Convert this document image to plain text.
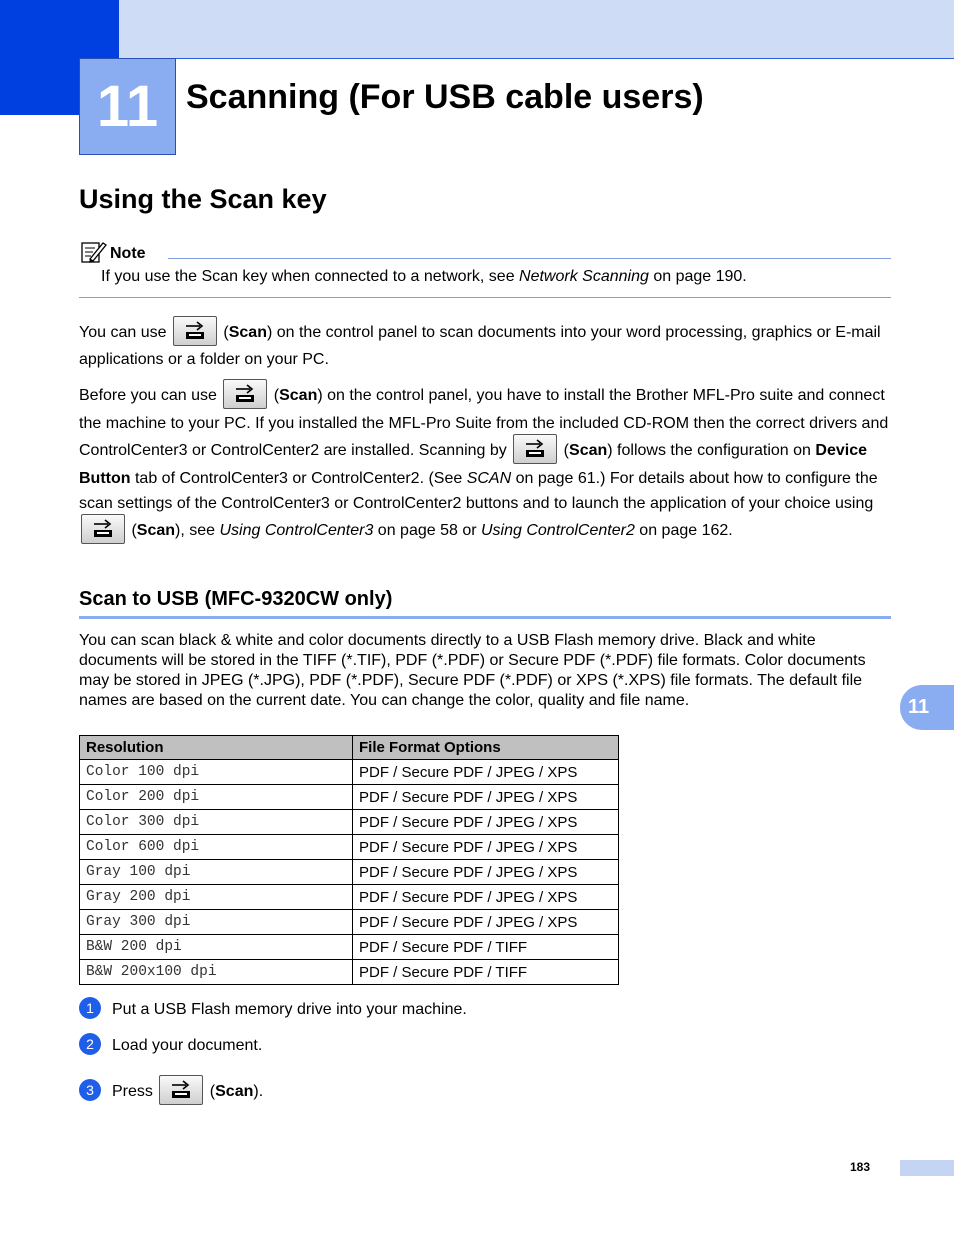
11 Scanning (For USB cable users)
Using the Scan key
Note
If you use the Scan key when connected to a network, see Network Scanning on page 190.
You can use	(Scan) on the control panel to scan documents into your word processing, graphics or E-mail applications or a folder on your PC.
Before you can use	(Scan) on the control panel, you have to install the Brother MFL-Pro suite and connect the machine to your PC. If you installed the MFL-Pro Suite from the included CD-ROM then the correct drivers and ControlCenter3 or ControlCenter2 are installed. Scanning by	(Scan) follows the configuration on Device Button tab of ControlCenter3 or ControlCenter2. (See SCAN on page 61.) For details about how to configure the scan settings of the ControlCenter3 or ControlCenter2 buttons and to launch the application of your choice using
(Scan), see Using ControlCenter3 on page 58 or Using ControlCenter2 on page 162.
Scan to USB (MFC-9320CW only)
You can scan black & white and color documents directly to a USB Flash memory drive. Black and white documents will be stored in the TIFF (*.TIF), PDF (*.PDF) or Secure PDF (*.PDF) file formats. Color documents may be stored in JPEG (*.JPG), PDF (*.PDF), Secure PDF (*.PDF) or XPS (*.XPS) file formats. The default file names are based on the current date. You can change the color, quality and file name.	11
Resolution	File Format Options
Color 100 dpi	PDF / Secure PDF / JPEG / XPS
Color 200 dpi	PDF / Secure PDF / JPEG / XPS
Color 300 dpi	PDF / Secure PDF / JPEG / XPS
Color 600 dpi	PDF / Secure PDF / JPEG / XPS
Gray 100 dpi	PDF / Secure PDF / JPEG / XPS
Gray 200 dpi	PDF / Secure PDF / JPEG / XPS
Gray 300 dpi	PDF / Secure PDF / JPEG / XPS
B&W 200 dpi	PDF / Secure PDF / TIFF
B&W 200x100 dpi	PDF / Secure PDF / TIFF
1 Put a USB Flash memory drive into your machine.
2 Load your document.
3 Press	(Scan).
183
